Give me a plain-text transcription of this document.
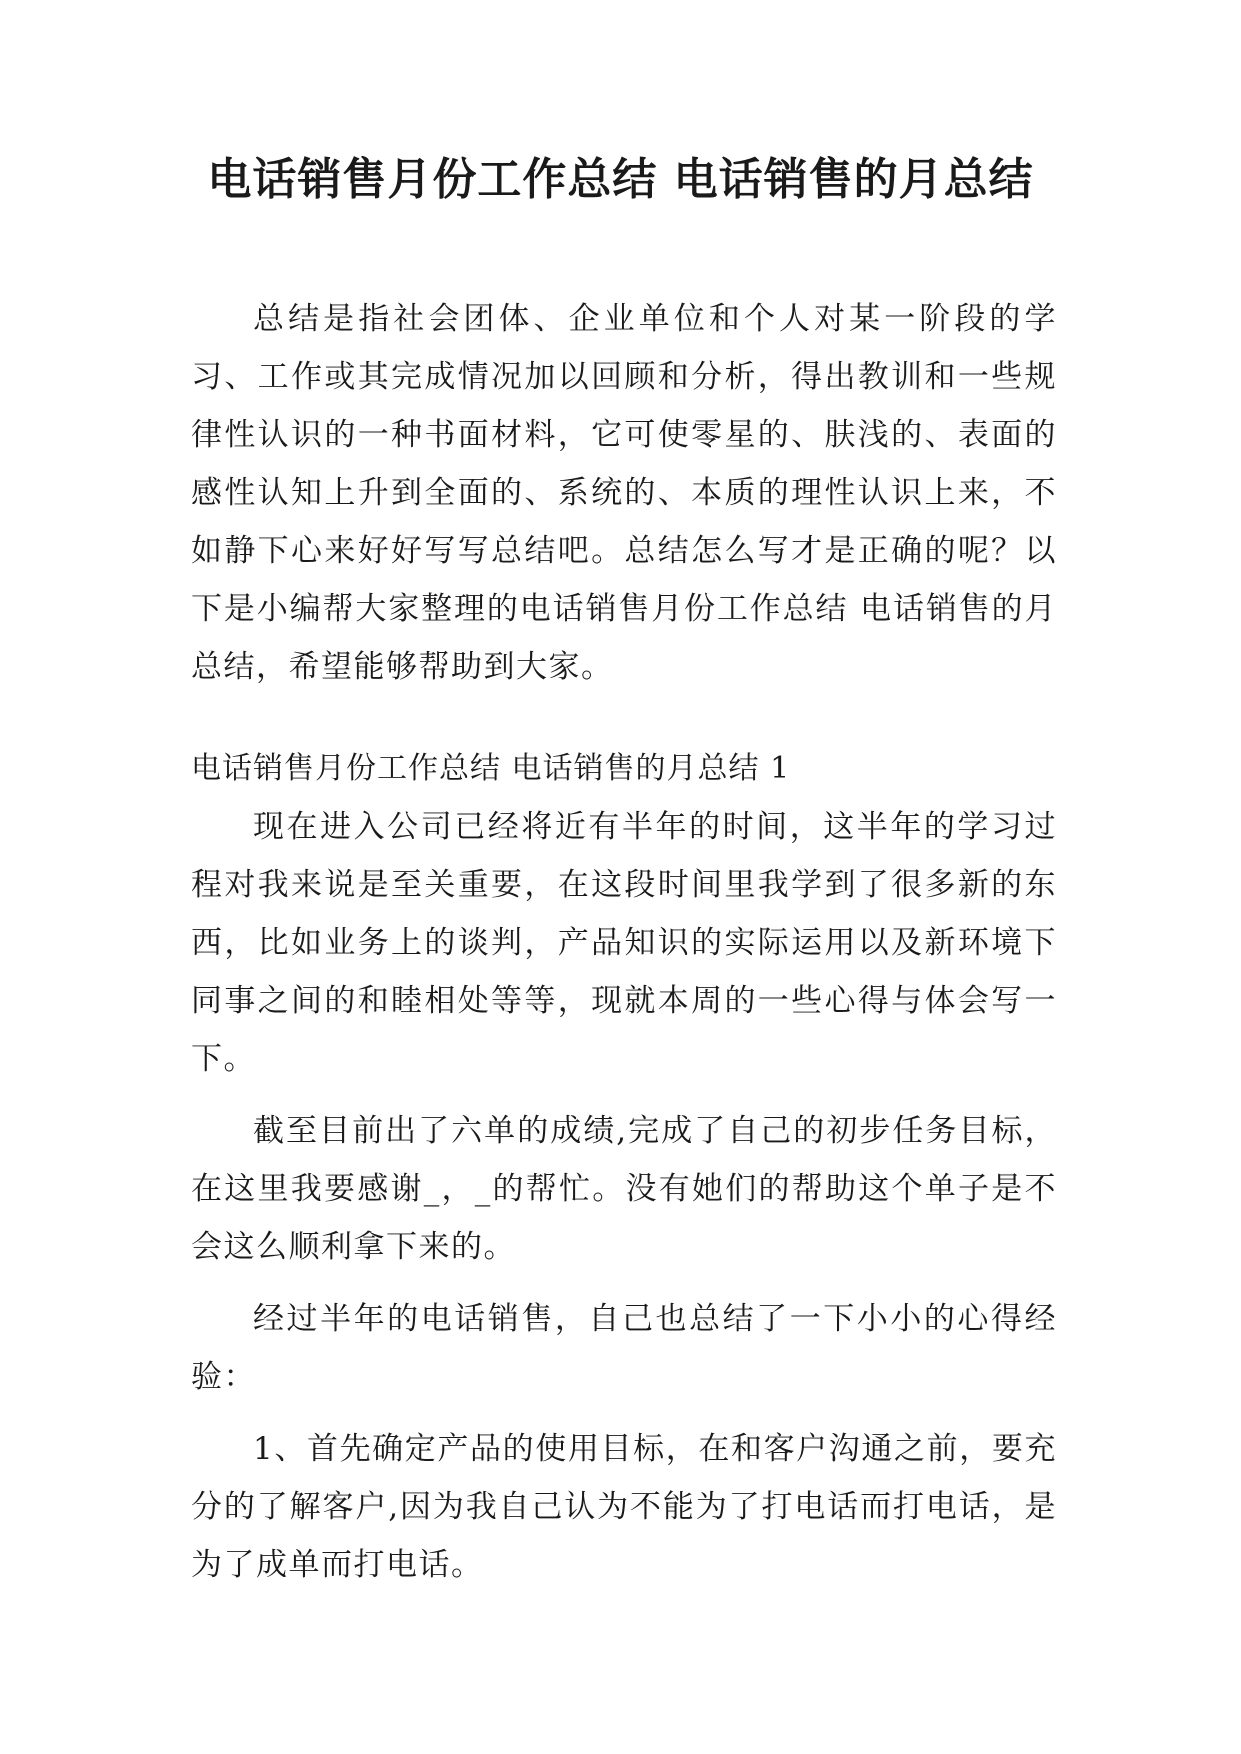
电话销售月份工作总结 电话销售的月总结

总结是指社会团体、企业单位和个人对某一阶段的学习、工作或其完成情况加以回顾和分析，得出教训和一些规律性认识的一种书面材料，它可使零星的、肤浅的、表面的感性认知上升到全面的、系统的、本质的理性认识上来，不如静下心来好好写写总结吧。总结怎么写才是正确的呢？以下是小编帮大家整理的电话销售月份工作总结 电话销售的月总结，希望能够帮助到大家。

电话销售月份工作总结 电话销售的月总结 1

现在进入公司已经将近有半年的时间，这半年的学习过程对我来说是至关重要，在这段时间里我学到了很多新的东西，比如业务上的谈判，产品知识的实际运用以及新环境下同事之间的和睦相处等等，现就本周的一些心得与体会写一下。

截至目前出了六单的成绩,完成了自己的初步任务目标，在这里我要感谢_，_的帮忙。没有她们的帮助这个单子是不会这么顺利拿下来的。

经过半年的电话销售，自己也总结了一下小小的心得经验：

1、首先确定产品的使用目标，在和客户沟通之前，要充分的了解客户,因为我自己认为不能为了打电话而打电话，是为了成单而打电话。
